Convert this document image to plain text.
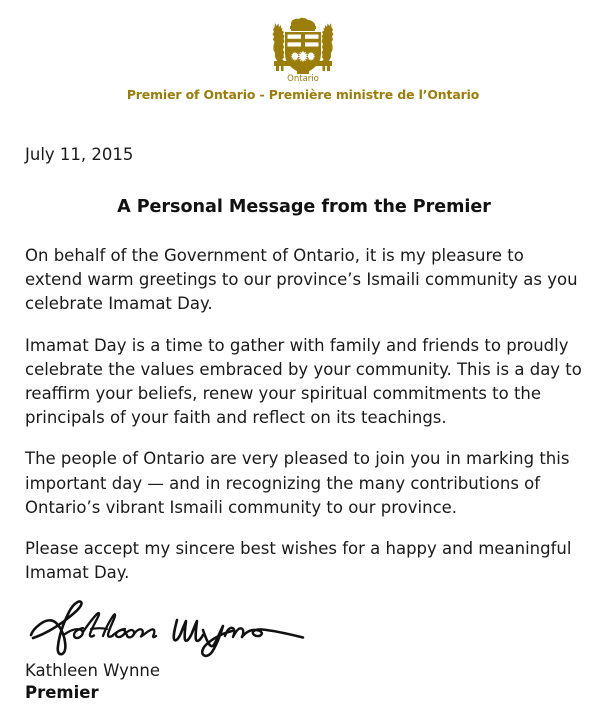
Ontario
Premier of Ontario - Première ministre de l’Ontario

July 11, 2015

A Personal Message from the Premier

On behalf of the Government of Ontario, it is my pleasure to extend warm greetings to our province’s Ismaili community as you celebrate Imamat Day.

Imamat Day is a time to gather with family and friends to proudly celebrate the values embraced by your community. This is a day to reaffirm your beliefs, renew your spiritual commitments to the principals of your faith and reflect on its teachings.

The people of Ontario are very pleased to join you in marking this important day — and in recognizing the many contributions of Ontario’s vibrant Ismaili community to our province.

Please accept my sincere best wishes for a happy and meaningful Imamat Day.

Kathleen Wynne

Premier
